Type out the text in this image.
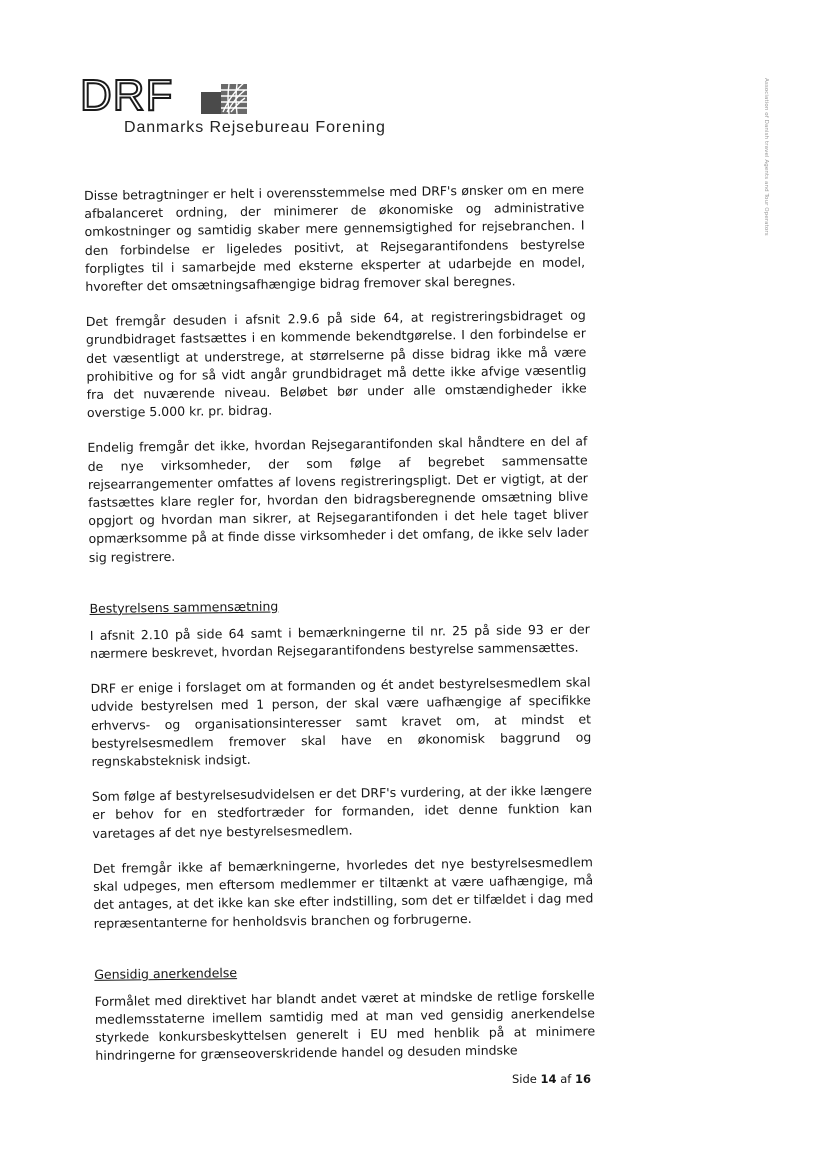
DRF
Danmarks Rejsebureau Forening	Association of Danish travel Agents and Tour Operators

Disse betragtninger er helt i overensstemmelse med DRF's ønsker om en mere afbalanceret ordning, der minimerer de økonomiske og administrative omkostninger og samtidig skaber mere gennemsigtighed for rejsebranchen. I den forbindelse er ligeledes positivt, at Rejsegarantifondens bestyrelse forpligtes til i samarbejde med eksterne eksperter at udarbejde en model, hvorefter det omsætningsafhængige bidrag fremover skal beregnes.

Det fremgår desuden i afsnit 2.9.6 på side 64, at registreringsbidraget og grundbidraget fastsættes i en kommende bekendtgørelse. I den forbindelse er det væsentligt at understrege, at størrelserne på disse bidrag ikke må være prohibitive og for så vidt angår grundbidraget må dette ikke afvige væsentlig fra det nuværende niveau. Beløbet bør under alle omstændigheder ikke overstige 5.000 kr. pr. bidrag.

Endelig fremgår det ikke, hvordan Rejsegarantifonden skal håndtere en del af de nye virksomheder, der som følge af begrebet sammensatte rejsearrangementer omfattes af lovens registreringspligt. Det er vigtigt, at der fastsættes klare regler for, hvordan den bidragsberegnende omsætning blive opgjort og hvordan man sikrer, at Rejsegarantifonden i det hele taget bliver opmærksomme på at finde disse virksomheder i det omfang, de ikke selv lader sig registrere.

Bestyrelsens sammensætning

I afsnit 2.10 på side 64 samt i bemærkningerne til nr. 25 på side 93 er der nærmere beskrevet, hvordan Rejsegarantifondens bestyrelse sammensættes.

DRF er enige i forslaget om at formanden og ét andet bestyrelsesmedlem skal udvide bestyrelsen med 1 person, der skal være uafhængige af specifikke erhvervs- og organisationsinteresser samt kravet om, at mindst et bestyrelsesmedlem fremover skal have en økonomisk baggrund og regnskabsteknisk indsigt.

Som følge af bestyrelsesudvidelsen er det DRF's vurdering, at der ikke længere er behov for en stedfortræder for formanden, idet denne funktion kan varetages af det nye bestyrelsesmedlem.

Det fremgår ikke af bemærkningerne, hvorledes det nye bestyrelsesmedlem skal udpeges, men eftersom medlemmer er tiltænkt at være uafhængige, må det antages, at det ikke kan ske efter indstilling, som det er tilfældet i dag med repræsentanterne for henholdsvis branchen og forbrugerne.

Gensidig anerkendelse

Formålet med direktivet har blandt andet været at mindske de retlige forskelle medlemsstaterne imellem samtidig med at man ved gensidig anerkendelse styrkede konkursbeskyttelsen generelt i EU med henblik på at minimere hindringerne for grænseoverskridende handel og desuden mindske

Side 14 af 16
